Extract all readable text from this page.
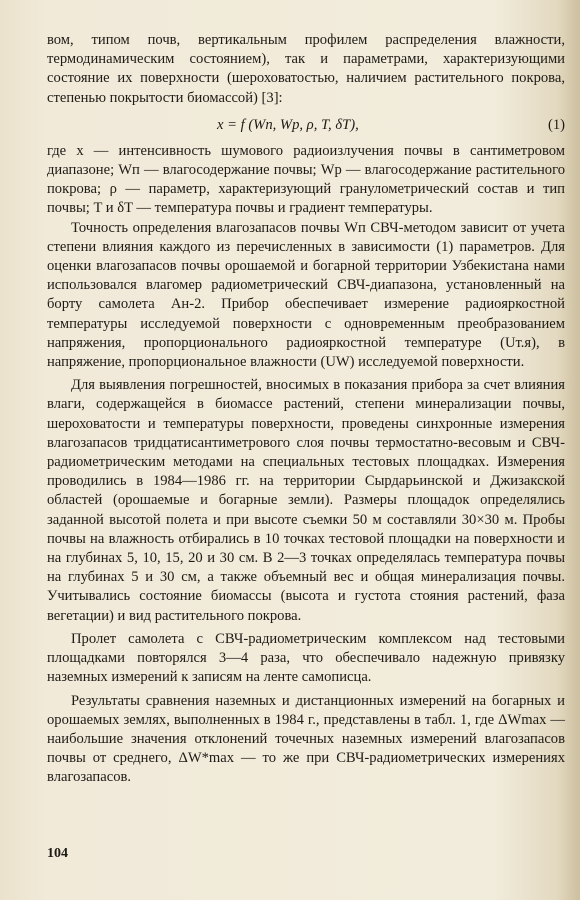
вом, типом почв, вертикальным профилем распределения влажности, термодинамическим состоянием), так и параметрами, характеризующими состояние их поверхности (шероховатостью, наличием растительного покрова, степенью покрытости биомассой) [3]:

x = f (Wп, Wр, ρ, T, δT),	(1)

где x — интенсивность шумового радиоизлучения почвы в сантиметровом диапазоне; Wп — влагосодержание почвы; Wр — влагосодержание растительного покрова; ρ — параметр, характеризующий гранулометрический состав и тип почвы; T и δT — температура почвы и градиент температуры.

Точность определения влагозапасов почвы Wп СВЧ-методом зависит от учета степени влияния каждого из перечисленных в зависимости (1) параметров. Для оценки влагозапасов почвы орошаемой и богарной территории Узбекистана нами использовался влагомер радиометрический СВЧ-диапазона, установленный на борту самолета Ан-2. Прибор обеспечивает измерение радиояркостной температуры исследуемой поверхности с одновременным преобразованием напряжения, пропорционального радиояркостной температуре (Uт.я), в напряжение, пропорциональное влажности (UW) исследуемой поверхности.

Для выявления погрешностей, вносимых в показания прибора за счет влияния влаги, содержащейся в биомассе растений, степени минерализации почвы, шероховатости и температуры поверхности, проведены синхронные измерения влагозапасов тридцатисантиметрового слоя почвы термостатно-весовым и СВЧ-радиометрическим методами на специальных тестовых площадках. Измерения проводились в 1984—1986 гг. на территории Сырдарьинской и Джизакской областей (орошаемые и богарные земли). Размеры площадок определялись заданной высотой полета и при высоте съемки 50 м составляли 30×30 м. Пробы почвы на влажность отбирались в 10 точках тестовой площадки на поверхности и на глубинах 5, 10, 15, 20 и 30 см. В 2—3 точках определялась температура почвы на глубинах 5 и 30 см, а также объемный вес и общая минерализация почвы. Учитывались состояние биомассы (высота и густота стояния растений, фаза вегетации) и вид растительного покрова.

Пролет самолета с СВЧ-радиометрическим комплексом над тестовыми площадками повторялся 3—4 раза, что обеспечивало надежную привязку наземных измерений к записям на ленте самописца.

Результаты сравнения наземных и дистанционных измерений на богарных и орошаемых землях, выполненных в 1984 г., представлены в табл. 1, где ΔWmax — наибольшие значения отклонений точечных наземных измерений влагозапасов почвы от среднего, ΔW*max — то же при СВЧ-радиометрических измерениях влагозапасов.

104
